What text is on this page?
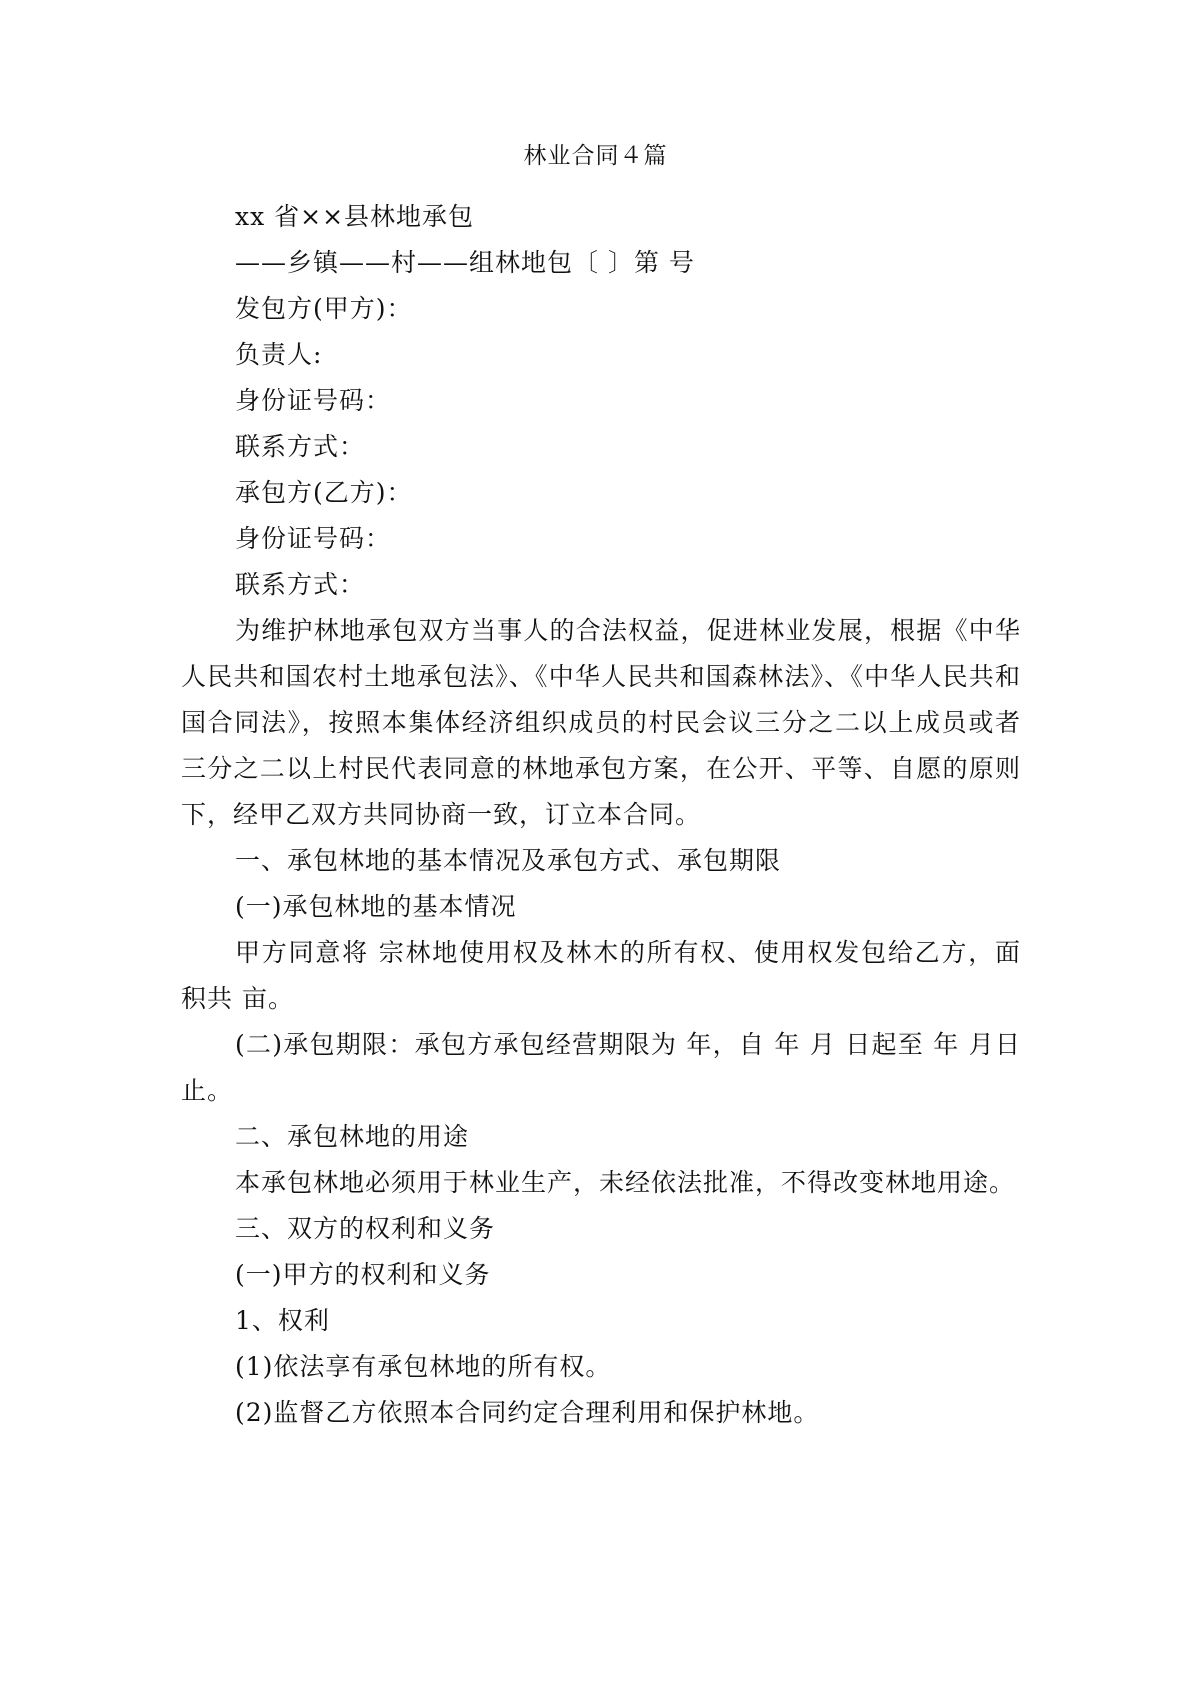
林业合同４篇

xx 省××县林地承包

——乡镇——村——组林地包〔 〕第 号

发包方(甲方)：

负责人:

身份证号码：

联系方式：

承包方(乙方)：

身份证号码：

联系方式：

为维护林地承包双方当事人的合法权益，促进林业发展，根据《中华人民共和国农村土地承包法》、《中华人民共和国森林法》、《中华人民共和国合同法》，按照本集体经济组织成员的村民会议三分之二以上成员或者三分之二以上村民代表同意的林地承包方案，在公开、平等、自愿的原则下，经甲乙双方共同协商一致，订立本合同。

一、承包林地的基本情况及承包方式、承包期限

(一)承包林地的基本情况

甲方同意将 宗林地使用权及林木的所有权、使用权发包给乙方，面积共 亩。

(二)承包期限：承包方承包经营期限为 年，自 年 月 日起至 年 月日止。

二、承包林地的用途

本承包林地必须用于林业生产，未经依法批准，不得改变林地用途。

三、双方的权利和义务

(一)甲方的权利和义务

1、权利

(1)依法享有承包林地的所有权。

(2)监督乙方依照本合同约定合理利用和保护林地。
